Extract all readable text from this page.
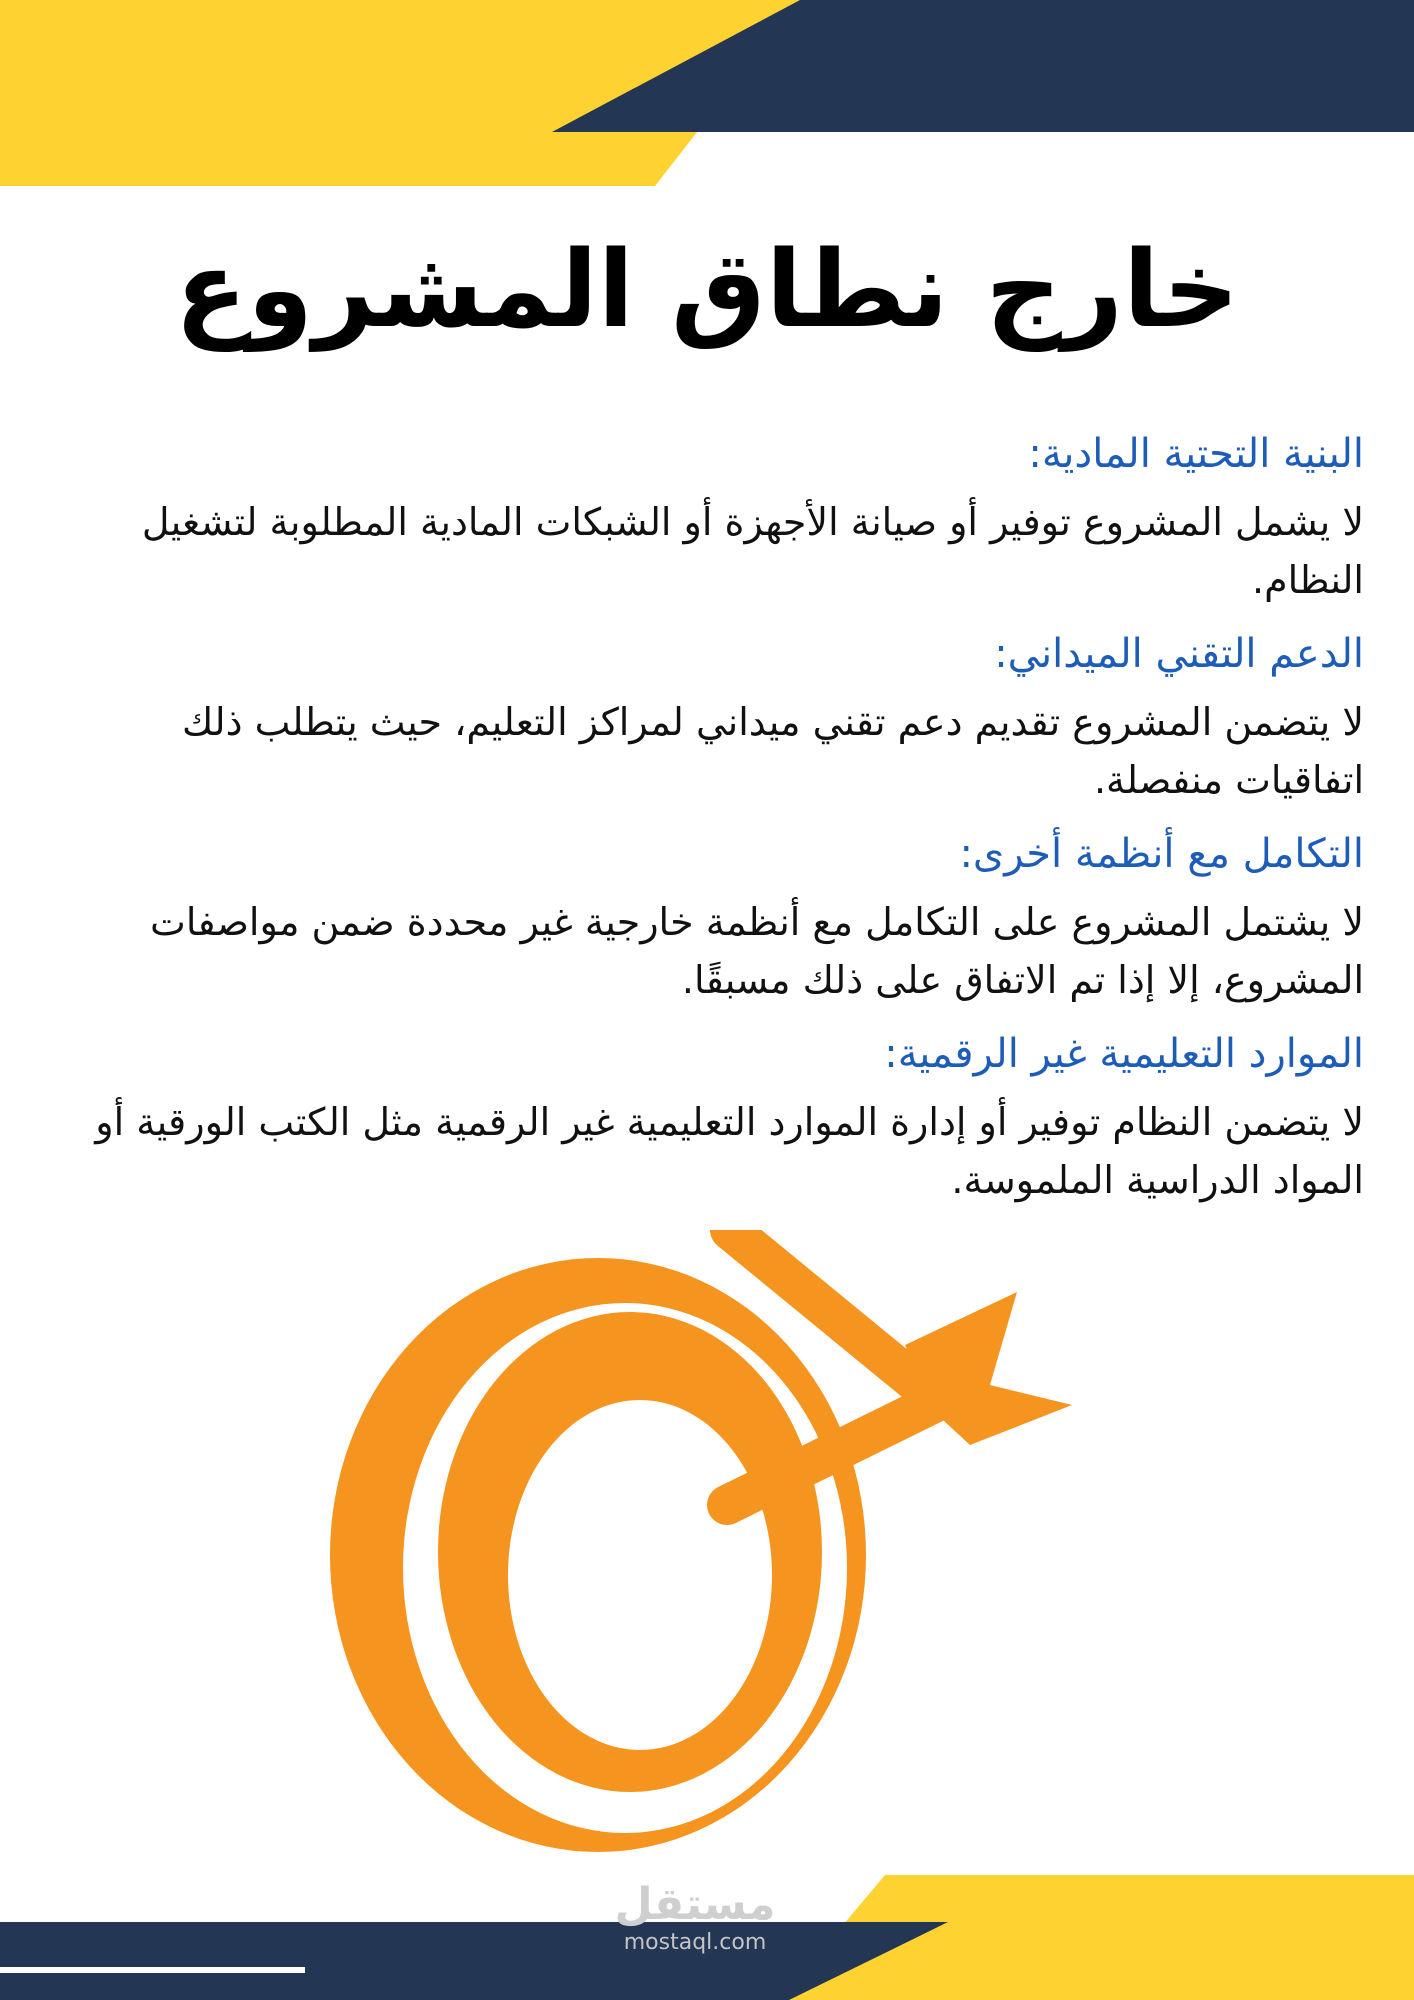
خارج نطاق المشروع

البنية التحتية المادية:

لا يشمل المشروع توفير أو صيانة الأجهزة أو الشبكات المادية المطلوبة لتشغيل النظام.

الدعم التقني الميداني:

لا يتضمن المشروع تقديم دعم تقني ميداني لمراكز التعليم، حيث يتطلب ذلك اتفاقيات منفصلة.

التكامل مع أنظمة أخرى:

لا يشتمل المشروع على التكامل مع أنظمة خارجية غير محددة ضمن مواصفات المشروع، إلا إذا تم الاتفاق على ذلك مسبقًا.

الموارد التعليمية غير الرقمية:

لا يتضمن النظام توفير أو إدارة الموارد التعليمية غير الرقمية مثل الكتب الورقية أو المواد الدراسية الملموسة.

مستقل
mostaql.com
